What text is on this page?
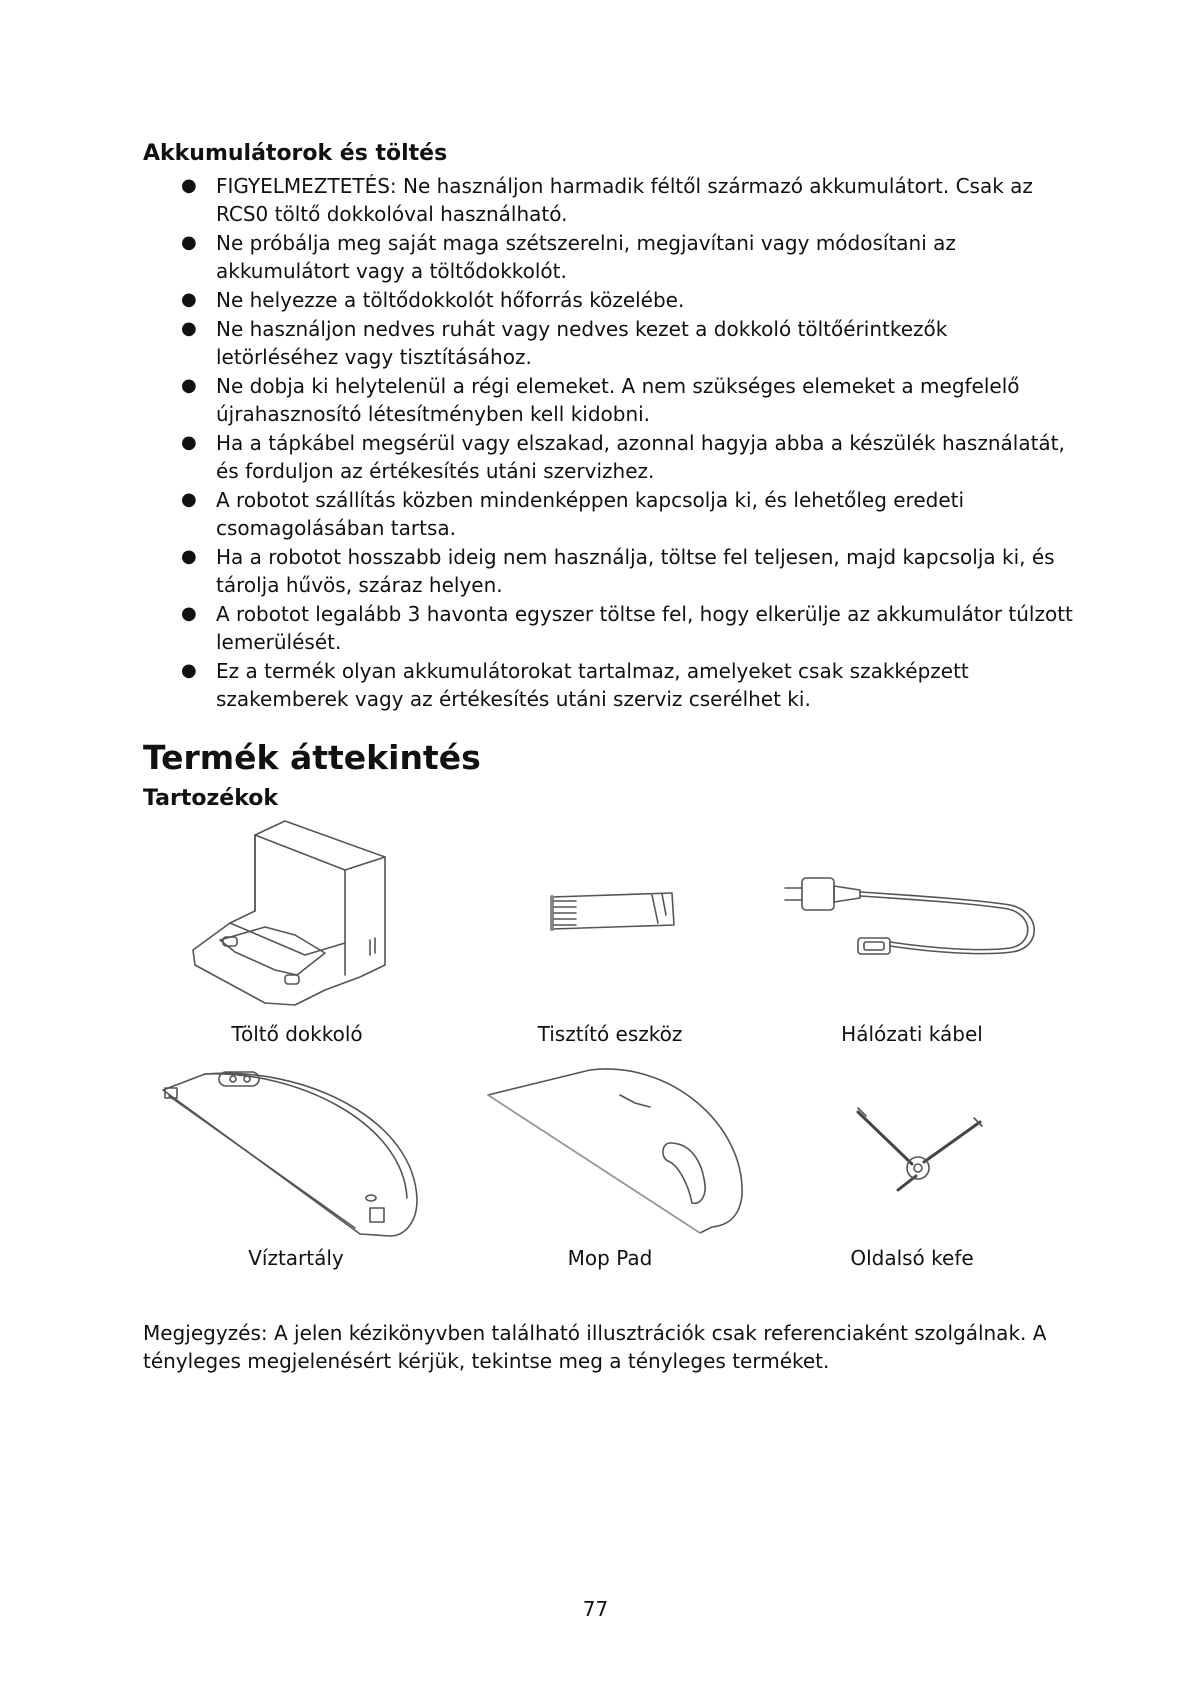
Akkumulátorok és töltés
● FIGYELMEZTETÉS: Ne használjon harmadik féltől származó akkumulátort. Csak az RCS0 töltő dokkolóval használható.
● Ne próbálja meg saját maga szétszerelni, megjavítani vagy módosítani az akkumulátort vagy a töltődokkolót.
● Ne helyezze a töltődokkolót hőforrás közelébe.
● Ne használjon nedves ruhát vagy nedves kezet a dokkoló töltőérintkezők letörléséhez vagy tisztításához.
● Ne dobja ki helytelenül a régi elemeket. A nem szükséges elemeket a megfelelő újrahasznosító létesítményben kell kidobni.
● Ha a tápkábel megsérül vagy elszakad, azonnal hagyja abba a készülék használatát, és forduljon az értékesítés utáni szervizhez.
● A robotot szállítás közben mindenképpen kapcsolja ki, és lehetőleg eredeti csomagolásában tartsa.
● Ha a robotot hosszabb ideig nem használja, töltse fel teljesen, majd kapcsolja ki, és tárolja hűvös, száraz helyen.
● A robotot legalább 3 havonta egyszer töltse fel, hogy elkerülje az akkumulátor túlzott lemerülését.
● Ez a termék olyan akkumulátorokat tartalmaz, amelyeket csak szakképzett szakemberek vagy az értékesítés utáni szerviz cserélhet ki.
Termék áttekintés
Tartozékok
Töltő dokkoló	Tisztító eszköz	Hálózati kábel
Víztartály	Mop Pad	Oldalsó kefe

Megjegyzés: A jelen kézikönyvben található illusztrációk csak referenciaként szolgálnak. A tényleges megjelenésért kérjük, tekintse meg a tényleges terméket.

77
